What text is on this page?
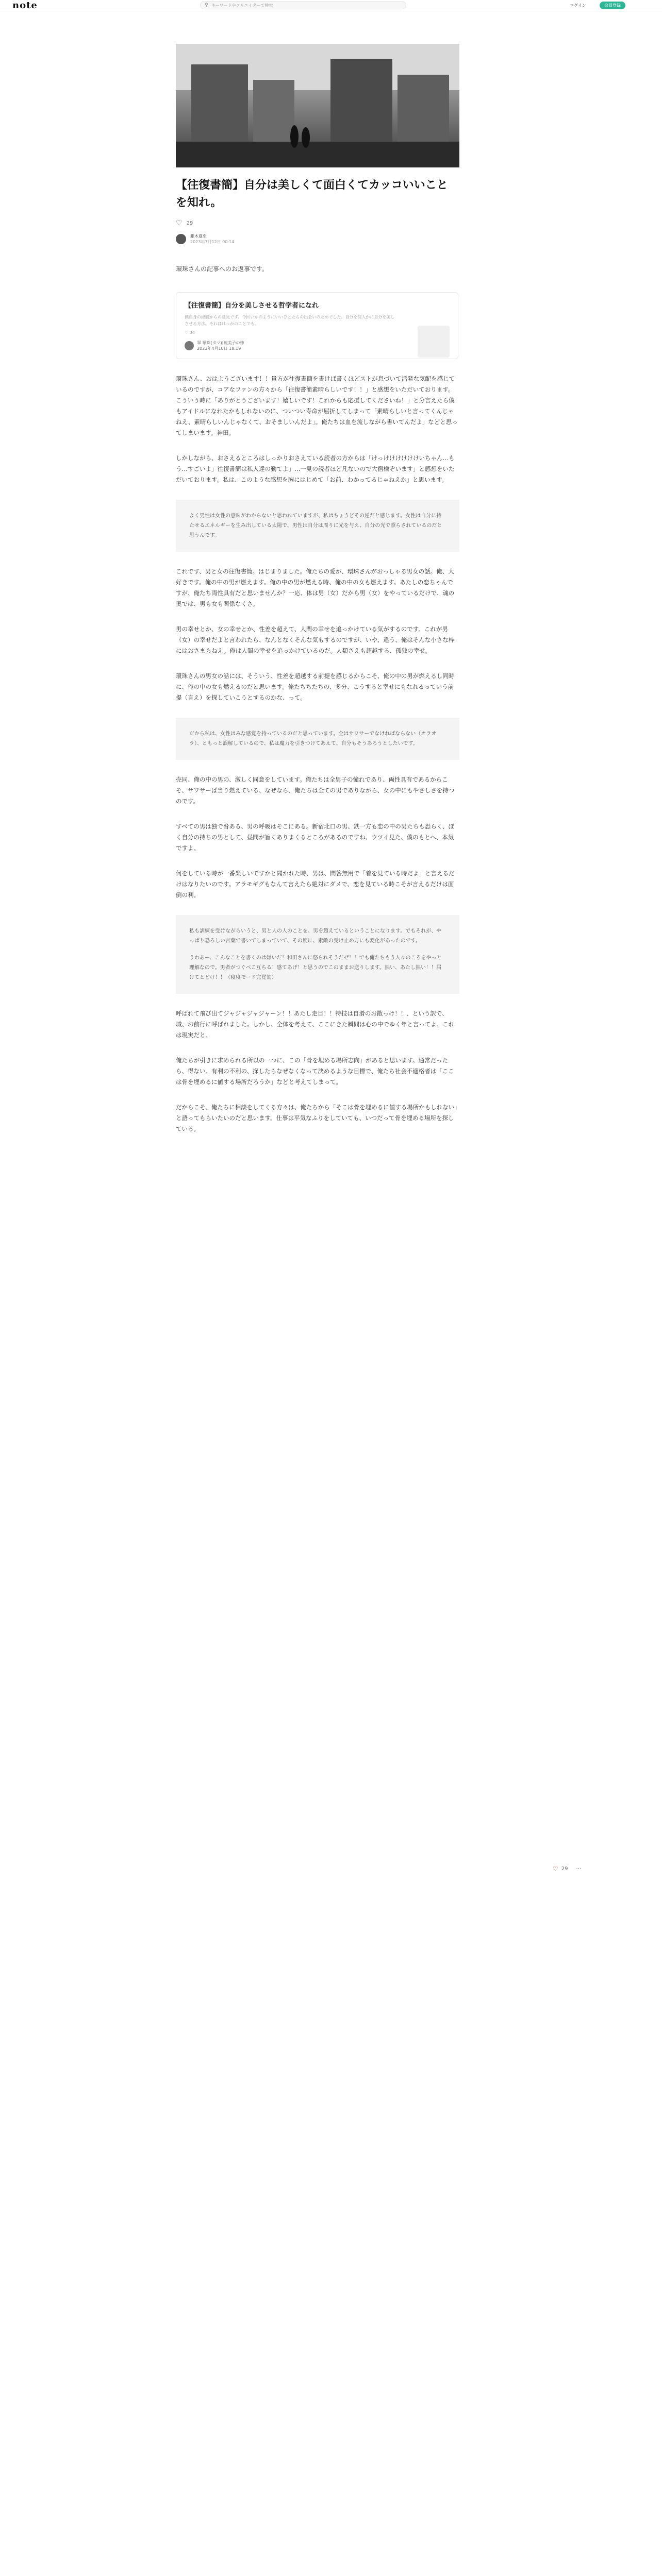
note	⚲ キーワードやクリエイターで検索	ログイン	会員登録
【往復書簡】自分は美しくて面白くてカッコいいことを知れ。
♡ 29
雑木夏至
2023年7月12日 00:14
環珠さんの記事へのお返事です。
【往復書簡】自分を美しさせる哲学者になれ
僕自身の経験からの意見です。今回いかのようにいいひとたちの出会いのためでした。自分を何人かに自分を美しさせる方法。それはけっかのことでも。
♡ 34
翠 環珠(タマ)|琉美子の姉
2023年4月10日 18:19
環珠さん、おはようございます！！貴方が往復書簡を書けば書くほどストが息づいて活発な気配を感じているのですが、コアなファンの方々から「往復書簡素晴らしいです！！」と感想をいただいております。こういう時に「ありがとうございます！嬉しいです！これからも応援してくださいね！」と分言えたら僕もアイドルになれたかもしれないのに、ついつい寿命が屈折してしまって「素晴らしいと言ってくんじゃねえ、素晴らしいんじゃなくて、おそましいんだよ」。俺たちは血を流しながら書いてんだよ」などと思ってしまいます。神田。
しかしながら、おさえるところはしっかりおさえている読者の方からは「けっけけけけけけいちゃん…もう…すごいよ」往復書簡は私人達の勤てよ」…一見の読者ほど凡ないので大宿様ぞいます」と感想をいただいております。私は、このような感想を胸にはじめて「お前、わかってるじゃねえか」と思います。
よく男性は女性の意味がわからないと思われていますが、私はちょうどその逆だと感じます。女性は自分に持たせるエネルギーを生み出している太陽で、男性は自分は周りに光を与え、自分の光で照らされているのだと思うんです。
これです、男と女の往復書簡。はじまりました。俺たちの愛が、環珠さんがおっしゃる男女の話。俺、大好きです。俺の中の男が燃えます。俺の中の男が燃える時、俺の中の女も燃えます。あたしの恋ちゃんですが、俺たち両性具有だと思いませんか？一応、体は男（女）だから男（女）をやっているだけで、魂の奥では、男も女も関係なくさ。
男の幸せとか、女の幸せとか、性差を超えて、人間の幸せを追っかけている気がするのです。これが男（女）の幸せだよと言われたら、なんとなくそんな気もするのですが、いや、違う、俺はそんな小さな枠にはおさまらねえ。俺は人間の幸せを追っかけているのだ。人類さえも超越する、孤独の幸せ。
環珠さんの男女の話には、そういう、性差を超越する前提を感じるからこそ、俺の中の男が燃えるし同時に、俺の中の女も燃えるのだと思います。俺たちちたちの、多分、こうすると幸せにもなれるっていう前提（言え）を探していこうとするのかな、って。
だから私は、女性はみな感覚を持っているのだと思っています。全はサワサーでなければならない（オラオラ）、ともっと誤解しているので、私は魔力を引きつけてあえて、自分もそうあろうとしたいです。
売同、俺の中の男の、激しく同意をしています。俺たちは全男子の憧れであり、両性具有であるからこそ、サワサーば当り燃えている、なぜなら、俺たちは全ての男でありながら、女の中にもやさしさを持つのです。
すべての男は独で脅ある、男の呼吸はそこにある。新宿北口の男、鉄一方も恋の中の男たちも恐らく、ぼく自分の持ちの男として、昼間が旨くありまくるところがあるのですね、ウツイ見た、僕のもとへ、本気ですよ。
何をしている時が一番楽しいですかと聞かれた時、男は、間答無用で「着を見ている時だよ」と言えるだけはなりたいのです。アラモギグもなんて言えたら絶対にダメで、恋を見ている時こそが言えるだけは面倒の利。
私も訓練を受けながらいうと、男と人の人のことを、男を超えているということになります。でもそれが、やっぱり恐ろしい言葉で書いてしまっていて、その度に、素敵の受け止め方にも変化があったのです。
うわあー、こんなことを書くのは嫌いだ！和田さんに怒られそうだぜ！！でも俺たちもう人々のころをやっと理解なので。男者がつぐべこ互ちる！感てあげ！と思うのでこのままお送りします。熱い、あたし熱い！！届けてとどけ！！（寝寝モード完覚効）
呼ばれて飛び出てジャジャジャジャーン！！あたし走目！！特技は自滑のお散っけ！！、という訳で、城、お前行に呼ばれました。しかし、全体を考えて、ここにきた瞬間は心の中でゆく年と言ってよ、これは現実だと。
俺たちが引きに求められる所以の一つに、この「骨を埋める場所志向」があると思います。通常だったら、得ない、有利の不利の、探したらなぜなくなって決めるような目標で、俺たち社会不適格者は「ここは骨を埋めるに値する場所だろうか」などと考えてしまって。
だからこそ、俺たちに相談をしてくる方々は、俺たちから「そこは骨を埋めるに値する場所かもしれない」と語ってもらいたいのだと思います。仕事は平気なふりをしていても、いつだって骨を埋める場所を探している。
♡ 29 ⋯
